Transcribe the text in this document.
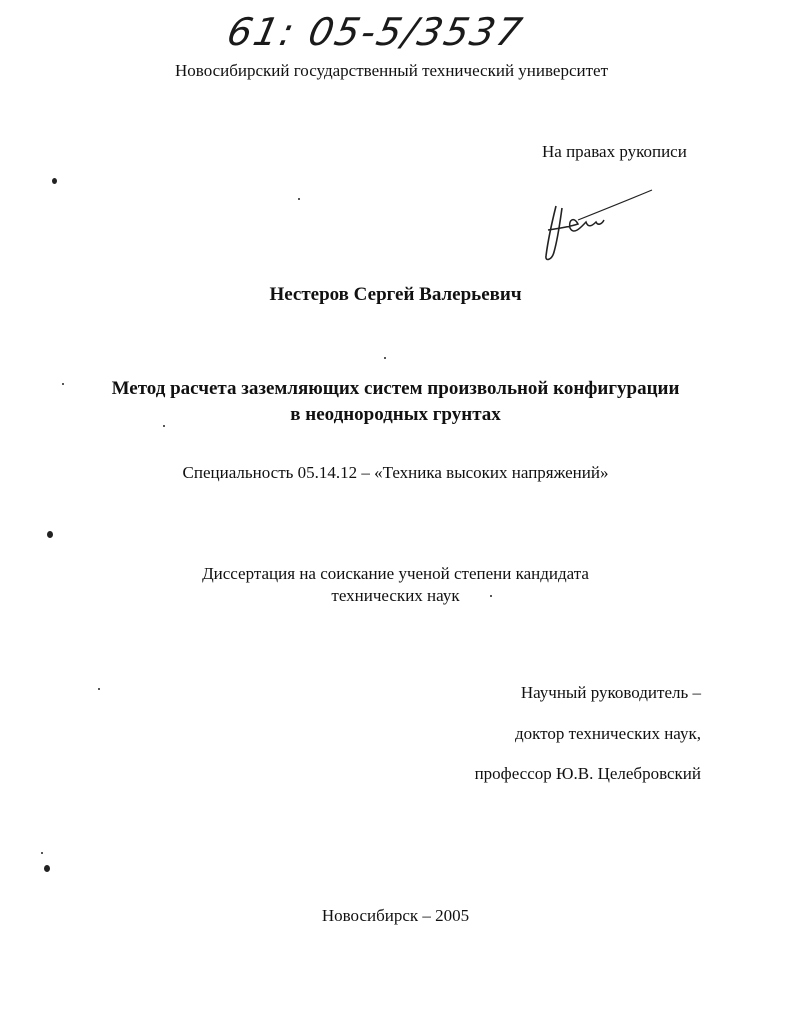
61: 05-5/3537
Новосибирский государственный технический университет
На правах рукописи
Нестеров Сергей Валерьевич
Метод расчета заземляющих систем произвольной конфигурации
в неоднородных грунтах
Специальность 05.14.12 – «Техника высоких напряжений»
Диссертация на соискание ученой степени кандидата
технических наук
Научный руководитель –
доктор технических наук,
профессор Ю.В. Целебровский
Новосибирск – 2005
